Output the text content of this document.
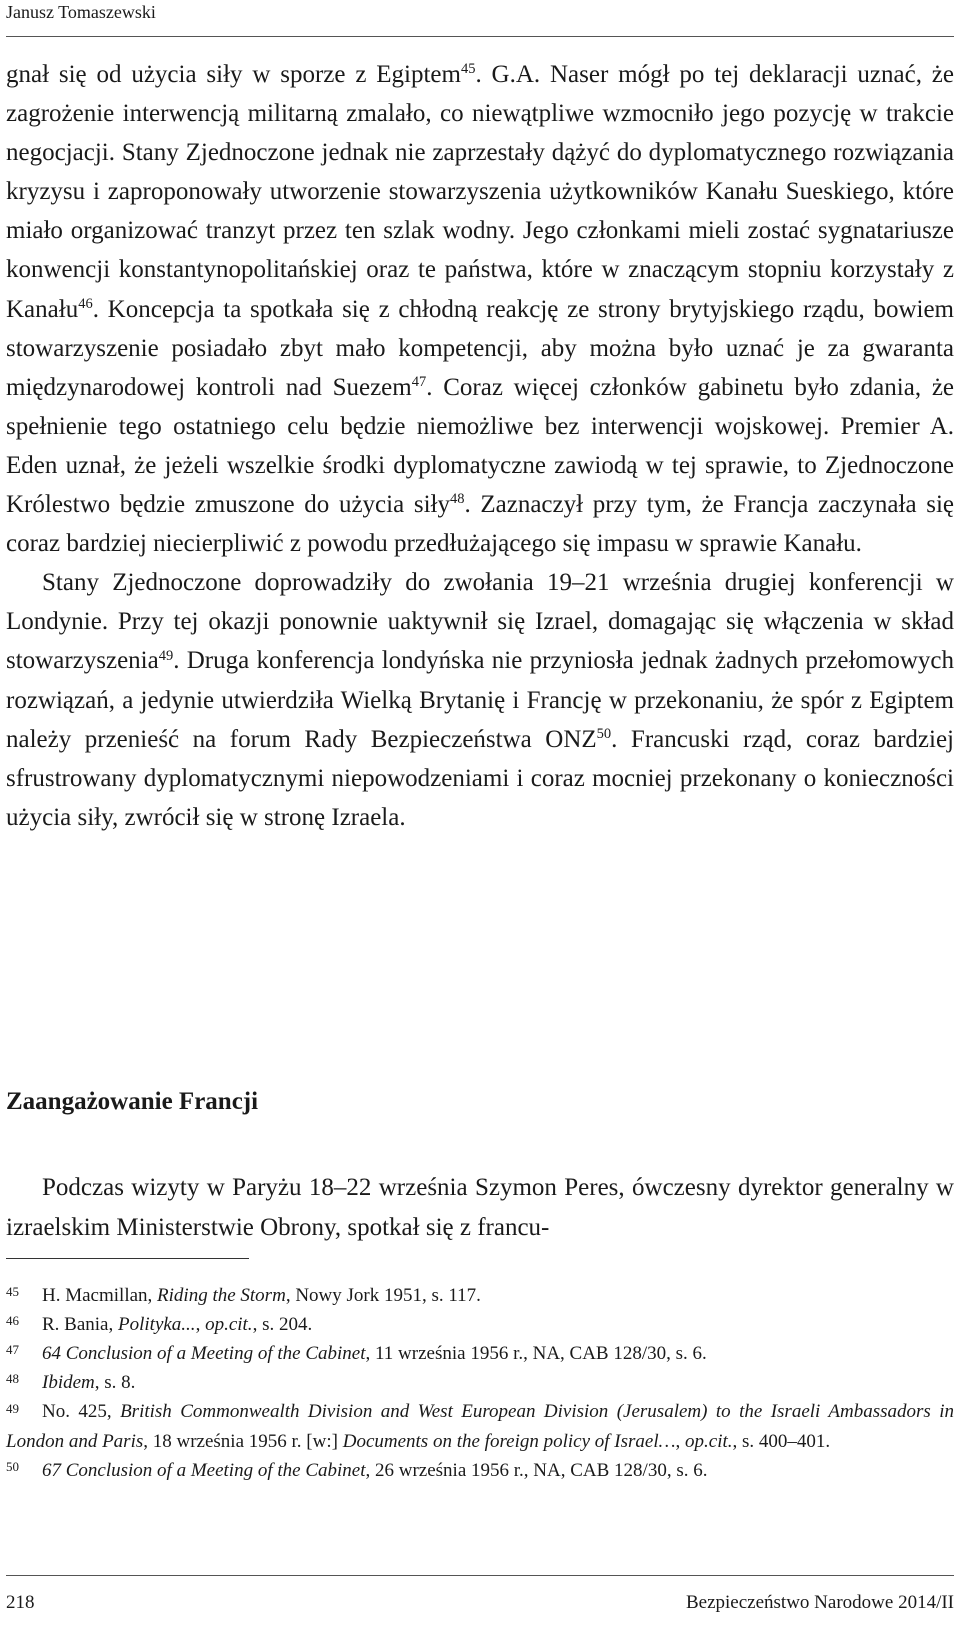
Janusz Tomaszewski

gnał się od użycia siły w sporze z Egiptem$^{45}$. G.A. Naser mógł po tej deklaracji uznać, że zagrożenie interwencją militarną zmalało, co niewątpliwe wzmocniło jego pozycję w trakcie negocjacji. Stany Zjednoczone jednak nie zaprzestały dążyć do dyplomatycznego rozwiązania kryzysu i zaproponowały utworzenie stowarzyszenia użytkowników Kanału Sueskiego, które miało organizować tranzyt przez ten szlak wodny. Jego członkami mieli zostać sygnatariusze konwencji konstantynopolitańskiej oraz te państwa, które w znaczącym stopniu korzystały z Kanału$^{46}$. Koncepcja ta spotkała się z chłodną reakcję ze strony brytyjskiego rządu, bowiem stowarzyszenie posiadało zbyt mało kompetencji, aby można było uznać je za gwaranta międzynarodowej kontroli nad Suezem$^{47}$. Coraz więcej członków gabinetu było zdania, że spełnienie tego ostatniego celu będzie niemożliwe bez interwencji wojskowej. Premier A. Eden uznał, że jeżeli wszelkie środki dyplomatyczne zawiodą w tej sprawie, to Zjednoczone Królestwo będzie zmuszone do użycia siły$^{48}$. Zaznaczył przy tym, że Francja zaczynała się coraz bardziej niecierpliwić z powodu przedłużającego się impasu w sprawie Kanału.

Stany Zjednoczone doprowadziły do zwołania 19–21 września drugiej konferencji w Londynie. Przy tej okazji ponownie uaktywnił się Izrael, domagając się włączenia w skład stowarzyszenia$^{49}$. Druga konferencja londyńska nie przyniosła jednak żadnych przełomowych rozwiązań, a jedynie utwierdziła Wielką Brytanię i Francję w przekonaniu, że spór z Egiptem należy przenieść na forum Rady Bezpieczeństwa ONZ$^{50}$. Francuski rząd, coraz bardziej sfrustrowany dyplomatycznymi niepowodzeniami i coraz mocniej przekonany o konieczności użycia siły, zwrócił się w stronę Izraela.

Zaangażowanie Francji

Podczas wizyty w Paryżu 18–22 września Szymon Peres, ówczesny dyrektor generalny w izraelskim Ministerstwie Obrony, spotkał się z francu-

45 H. Macmillan, Riding the Storm, Nowy Jork 1951, s. 117.

46 R. Bania, Polityka..., op.cit., s. 204.

47 64 Conclusion of a Meeting of the Cabinet, 11 września 1956 r., NA, CAB 128/30, s. 6.

48 Ibidem, s. 8.

49 No. 425, British Commonwealth Division and West European Division (Jerusalem) to the Israeli Ambassadors in London and Paris, 18 września 1956 r. [w:] Documents on the foreign policy of Israel…, op.cit., s. 400–401.

50 67 Conclusion of a Meeting of the Cabinet, 26 września 1956 r., NA, CAB 128/30, s. 6.

218	Bezpieczeństwo Narodowe 2014/II
